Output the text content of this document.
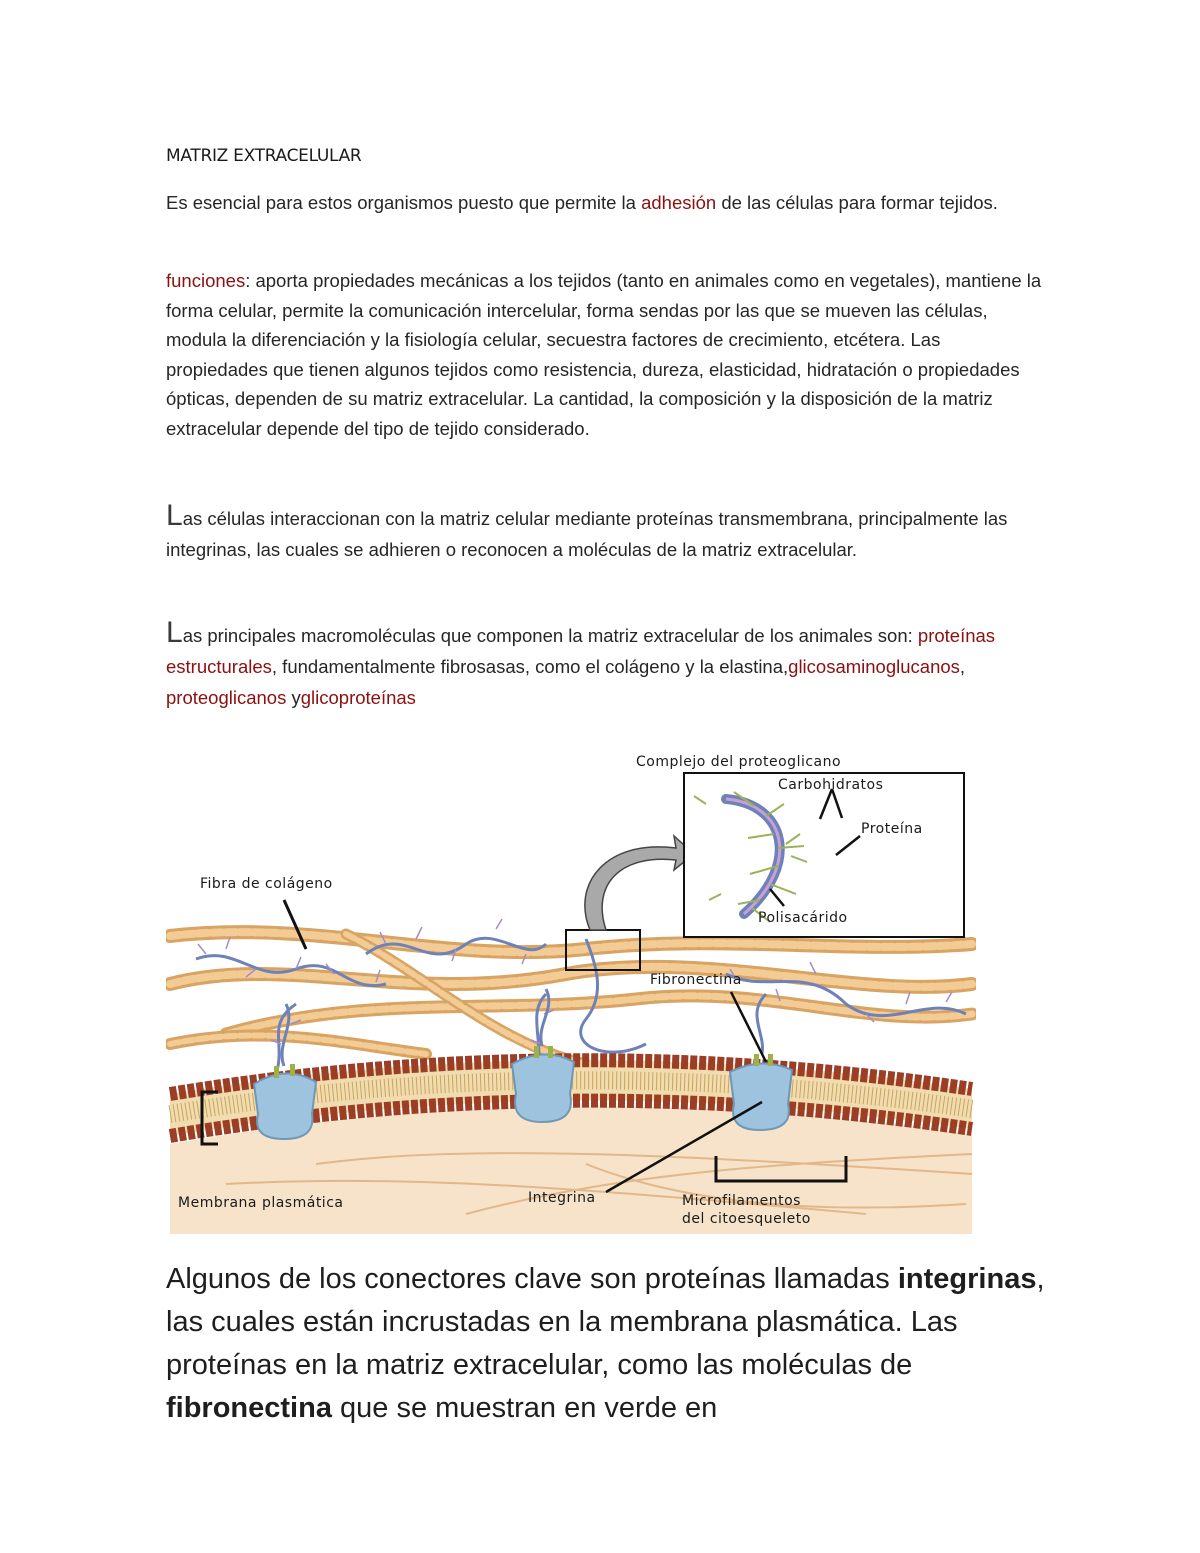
MATRIZ EXTRACELULAR
Es esencial para estos organismos puesto que permite la adhesión de las células para formar tejidos.
funciones: aporta propiedades mecánicas a los tejidos (tanto en animales como en vegetales), mantiene la forma celular, permite la comunicación intercelular, forma sendas por las que se mueven las células, modula la diferenciación y la fisiología celular, secuestra factores de crecimiento, etcétera. Las propiedades que tienen algunos tejidos como resistencia, dureza, elasticidad, hidratación o propiedades ópticas, dependen de su matriz extracelular. La cantidad, la composición y la disposición de la matriz extracelular depende del tipo de tejido considerado.
Las células interaccionan con la matriz celular mediante proteínas transmembrana, principalmente las integrinas, las cuales se adhieren o reconocen a moléculas de la matriz extracelular.
Las principales macromoléculas que componen la matriz extracelular de los animales son: proteínas estructurales, fundamentalmente fibrosasas, como el colágeno y la elastina,glicosaminoglucanos, proteoglicanos yglicoproteínas
Complejo del proteoglicano
Carbohidratos
Proteína
Polisacárido
Fibra de colágeno
Fibronectina
Membrana plasmática	Integrina	Microfilamentos
del citoesqueleto
Algunos de los conectores clave son proteínas llamadas integrinas, las cuales están incrustadas en la membrana plasmática. Las proteínas en la matriz extracelular, como las moléculas de fibronectina que se muestran en verde en
